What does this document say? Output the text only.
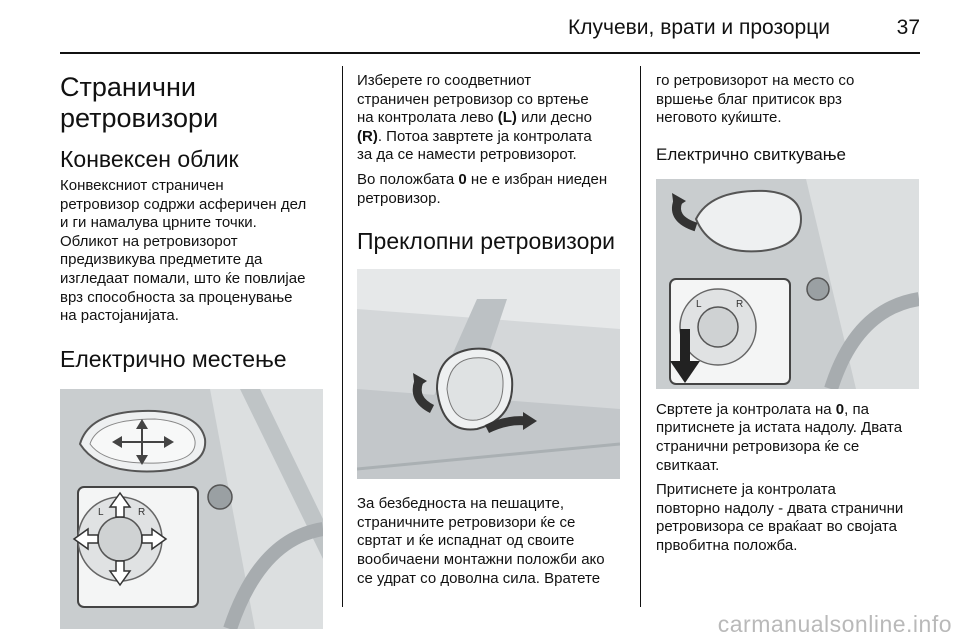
Клучеви, врати и прозорци	37
Странични
ретровизори
Конвексен облик

Конвексниот страничен
ретровизор содржи асферичен дел
и ги намалува црните точки.

Обликот на ретровизорот
предизвикува предметите да
изгледаат помали, што ќе повлијае
врз способноста за проценување
на растојанијата.

Електрично местење
L	R

Изберете го соодветниот
страничен ретровизор со вртење
на контролата лево (L) или десно
(R). Потоа завртете ја контролата
за да се намести ретровизорот.

Во положбата 0 не е избран ниеден
ретровизор.

Преклопни ретровизори

За безбедноста на пешаците,
страничните ретровизори ќе се
свртат и ќе испаднат од своите
вообичаени монтажни положби ако
се удрат со доволна сила. Вратете

го ретровизорот на место со
вршење благ притисок врз
неговото куќиште.

Електрично свиткување
L	R

Свртете ја контролата на 0, па
притиснете ја истата надолу. Двата
странични ретровизора ќе се
свиткаат.

Притиснете ја контролата
повторно надолу - двата странични
ретровизора се враќаат во својата
првобитна положба.

carmanualsonline.info
